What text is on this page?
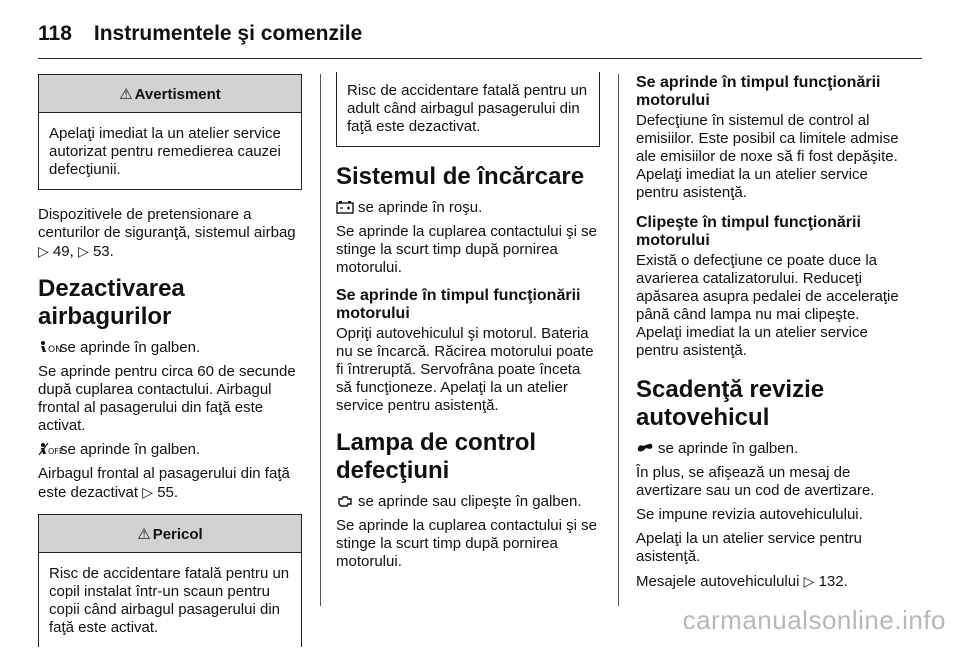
118 Instrumentele şi comenzile
⚠ Avertisment

Apelaţi imediat la un atelier service autorizat pentru remedierea cauzei defecţiunii.

Dispozitivele de pretensionare a centurilor de siguranţă, sistemul airbag ▷ 49, ▷ 53.

Dezactivarea airbagurilor

ON
se aprinde în galben.

Se aprinde pentru circa 60 de secunde după cuplarea contactului. Airbagul frontal al pasagerului din faţă este activat.

OFF
se aprinde în galben.

Airbagul frontal al pasagerului din faţă este dezactivat ▷ 55.

⚠ Pericol

Risc de accidentare fatală pentru un copil instalat într-un scaun pentru copii când airbagul pasagerului din faţă este activat.

Risc de accidentare fatală pentru un adult când airbagul pasagerului din faţă este dezactivat.

Sistemul de încărcare

se aprinde în roşu.

Se aprinde la cuplarea contactului şi se stinge la scurt timp după pornirea motorului.

Se aprinde în timpul funcţionării motorului

Opriţi autovehiculul şi motorul. Bateria nu se încarcă. Răcirea motorului poate fi întreruptă. Servofrâna poate înceta să funcţioneze. Apelaţi la un atelier service pentru asistenţă.

Lampa de control defecţiuni

se aprinde sau clipeşte în galben.

Se aprinde la cuplarea contactului şi se stinge la scurt timp după pornirea motorului.

Se aprinde în timpul funcţionării motorului

Defecţiune în sistemul de control al emisiilor. Este posibil ca limitele admise ale emisiilor de noxe să fi fost depăşite. Apelaţi imediat la un atelier service pentru asistenţă.

Clipeşte în timpul funcţionării motorului

Există o defecţiune ce poate duce la avarierea catalizatorului. Reduceţi apăsarea asupra pedalei de acceleraţie până când lampa nu mai clipeşte. Apelaţi imediat la un atelier service pentru asistenţă.

Scadenţă revizie autovehicul

se aprinde în galben.

În plus, se afişează un mesaj de avertizare sau un cod de avertizare.

Se impune revizia autovehiculului.

Apelaţi la un atelier service pentru asistenţă.

Mesajele autovehiculului ▷ 132.

carmanualsonline.info
